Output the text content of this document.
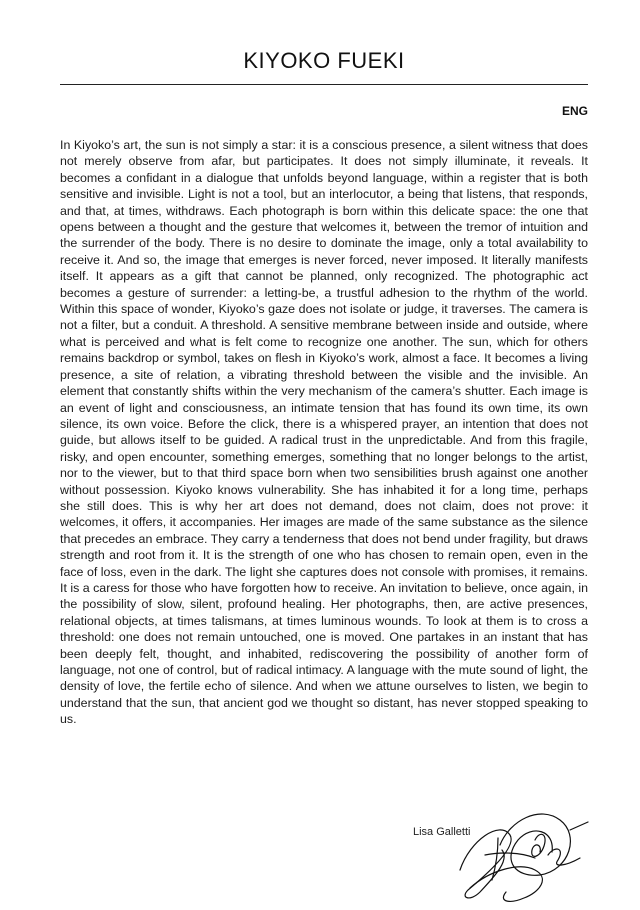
KIYOKO FUEKI
ENG

In Kiyoko’s art, the sun is not simply a star: it is a conscious presence, a silent witness that does not merely observe from afar, but participates. It does not simply illuminate, it reveals. It becomes a confidant in a dialogue that unfolds beyond language, within a register that is both sensitive and invisible. Light is not a tool, but an interlocutor, a being that listens, that responds, and that, at times, withdraws. Each photograph is born within this delicate space: the one that opens between a thought and the gesture that welcomes it, between the tremor of intuition and the surrender of the body. There is no desire to dominate the image, only a total availability to receive it. And so, the image that emerges is never forced, never imposed. It literally manifests itself. It appears as a gift that cannot be planned, only recognized. The photographic act becomes a gesture of surrender: a letting-be, a trustful adhesion to the rhythm of the world. Within this space of wonder, Kiyoko’s gaze does not isolate or judge, it traverses. The camera is not a filter, but a conduit. A threshold. A sensitive membrane between inside and outside, where what is perceived and what is felt come to recognize one another. The sun, which for others remains backdrop or symbol, takes on flesh in Kiyoko’s work, almost a face. It becomes a living presence, a site of relation, a vibrating threshold between the visible and the invisible. An element that constantly shifts within the very mechanism of the camera’s shutter. Each image is an event of light and consciousness, an intimate tension that has found its own time, its own silence, its own voice. Before the click, there is a whispered prayer, an intention that does not guide, but allows itself to be guided. A radical trust in the unpredictable. And from this fragile, risky, and open encounter, something emerges, something that no longer belongs to the artist, nor to the viewer, but to that third space born when two sensibilities brush against one another without possession. Kiyoko knows vulnerability. She has inhabited it for a long time, perhaps she still does. This is why her art does not demand, does not claim, does not prove: it welcomes, it offers, it accompanies. Her images are made of the same substance as the silence that precedes an embrace. They carry a tenderness that does not bend under fragility, but draws strength and root from it. It is the strength of one who has chosen to remain open, even in the face of loss, even in the dark. The light she captures does not console with promises, it remains. It is a caress for those who have forgotten how to receive. An invitation to believe, once again, in the possibility of slow, silent, profound healing. Her photographs, then, are active presences, relational objects, at times talismans, at times luminous wounds. To look at them is to cross a threshold: one does not remain untouched, one is moved. One partakes in an instant that has been deeply felt, thought, and inhabited, rediscovering the possibility of another form of language, not one of control, but of radical intimacy. A language with the mute sound of light, the density of love, the fertile echo of silence. And when we attune ourselves to listen, we begin to understand that the sun, that ancient god we thought so distant, has never stopped speaking to us.

Lisa Galletti
